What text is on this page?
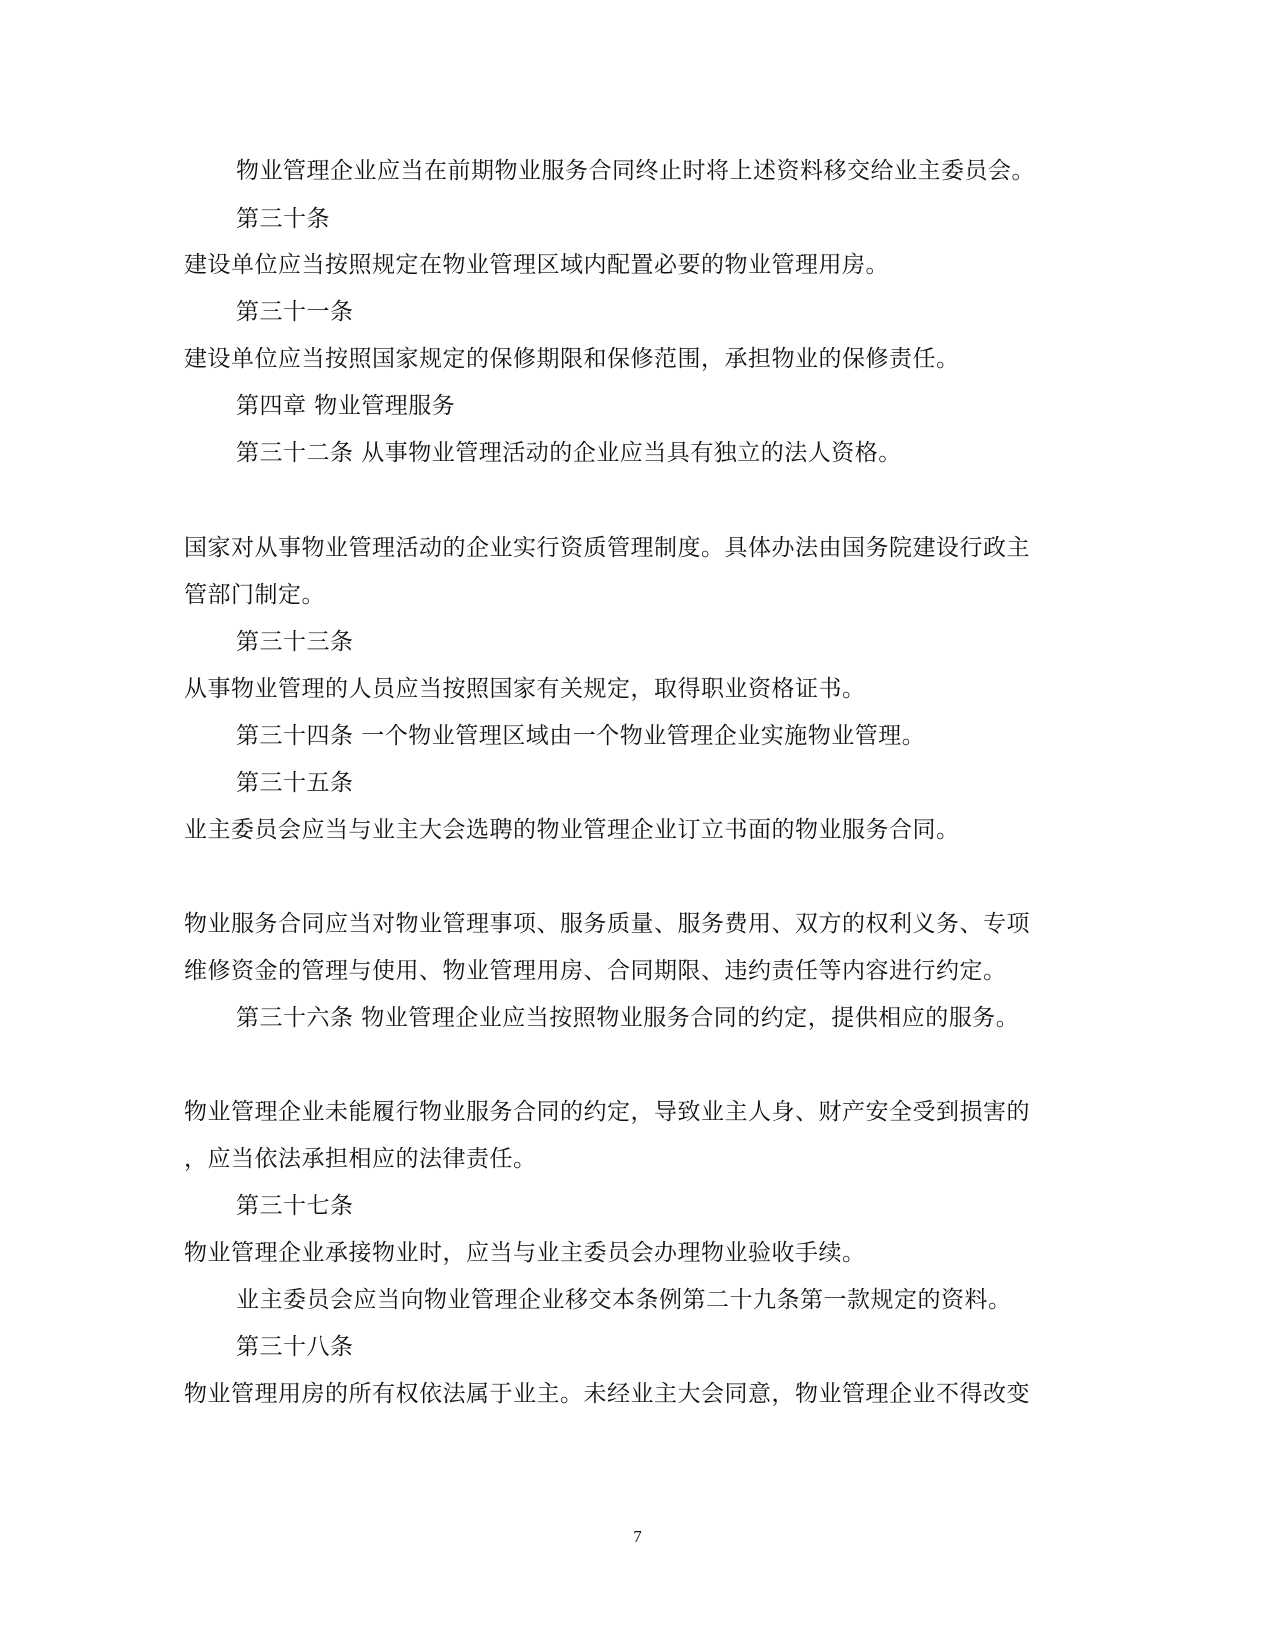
物业管理企业应当在前期物业服务合同终止时将上述资料移交给业主委员会。
第三十条
建设单位应当按照规定在物业管理区域内配置必要的物业管理用房。
第三十一条
建设单位应当按照国家规定的保修期限和保修范围，承担物业的保修责任。
第四章 物业管理服务
第三十二条 从事物业管理活动的企业应当具有独立的法人资格。
国家对从事物业管理活动的企业实行资质管理制度。具体办法由国务院建设行政主
管部门制定。
第三十三条
从事物业管理的人员应当按照国家有关规定，取得职业资格证书。
第三十四条 一个物业管理区域由一个物业管理企业实施物业管理。
第三十五条
业主委员会应当与业主大会选聘的物业管理企业订立书面的物业服务合同。
物业服务合同应当对物业管理事项、服务质量、服务费用、双方的权利义务、专项
维修资金的管理与使用、物业管理用房、合同期限、违约责任等内容进行约定。
第三十六条 物业管理企业应当按照物业服务合同的约定，提供相应的服务。
物业管理企业未能履行物业服务合同的约定，导致业主人身、财产安全受到损害的
，应当依法承担相应的法律责任。
第三十七条
物业管理企业承接物业时，应当与业主委员会办理物业验收手续。
业主委员会应当向物业管理企业移交本条例第二十九条第一款规定的资料。
第三十八条
物业管理用房的所有权依法属于业主。未经业主大会同意，物业管理企业不得改变
7
